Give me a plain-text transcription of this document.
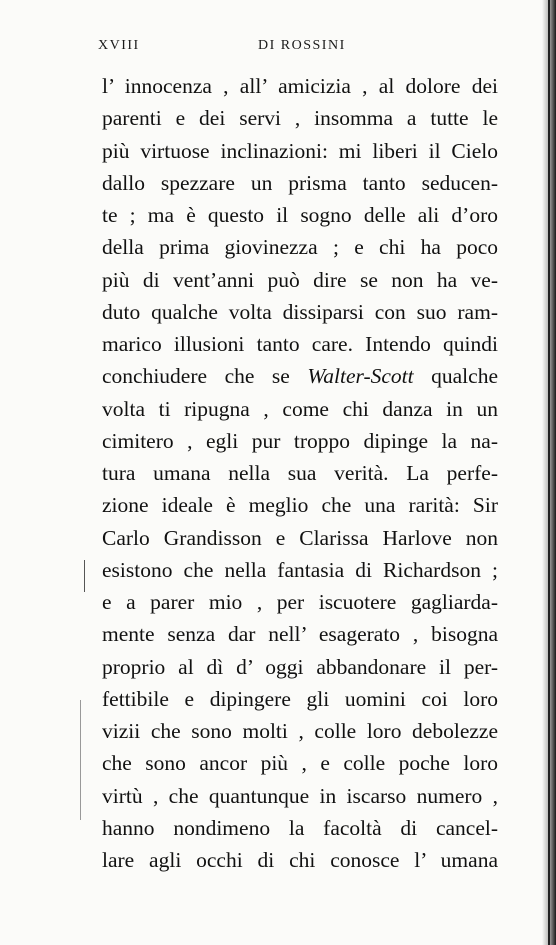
XVIII	DI ROSSINI
l’ innocenza , all’ amicizia , al dolore dei
parenti e dei servi , insomma a tutte le
più virtuose inclinazioni: mi liberi il Cielo
dallo spezzare un prisma tanto seducen-
te ; ma è questo il sogno delle ali d’oro
della prima giovinezza ; e chi ha poco
più di vent’anni può dire se non ha ve-
duto qualche volta dissiparsi con suo ram-
marico illusioni tanto care. Intendo quindi
conchiudere che se Walter-Scott qualche
volta ti ripugna , come chi danza in un
cimitero , egli pur troppo dipinge la na-
tura umana nella sua verità. La perfe-
zione ideale è meglio che una rarità: Sir
Carlo Grandisson e Clarissa Harlove non
esistono che nella fantasia di Richardson ;
e a parer mio , per iscuotere gagliarda-
mente senza dar nell’ esagerato , bisogna
proprio al dì d’ oggi abbandonare il per-
fettibile e dipingere gli uomini coi loro
vizii che sono molti , colle loro debolezze
che sono ancor più , e colle poche loro
virtù , che quantunque in iscarso numero ,
hanno nondimeno la facoltà di cancel-
lare agli occhi di chi conosce l’ umana
